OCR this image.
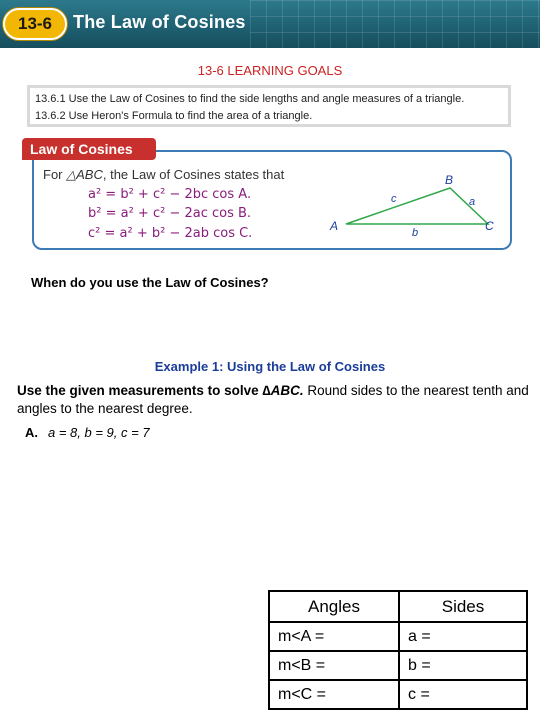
13-6	The Law of Cosines
13-6 LEARNING GOALS
13.6.1 Use the Law of Cosines to find the side lengths and angle measures of a triangle.
13.6.2 Use Heron's Formula to find the area of a triangle.
Law of Cosines
For △ABC, the Law of Cosines states that
a² = b² + c² − 2bc cos A.
b² = a² + c² − 2ac cos B.
c² = a² + b² − 2ab cos C.	A
B
C
a
b
c
When do you use the Law of Cosines?
Example 1: Using the Law of Cosines
Use the given measurements to solve ∆ABC. Round sides to the nearest tenth and angles to the nearest degree.
A. a = 8, b = 9, c = 7
Angles	Sides
m<A =	a =
m<B =	b =
m<C =	c =
